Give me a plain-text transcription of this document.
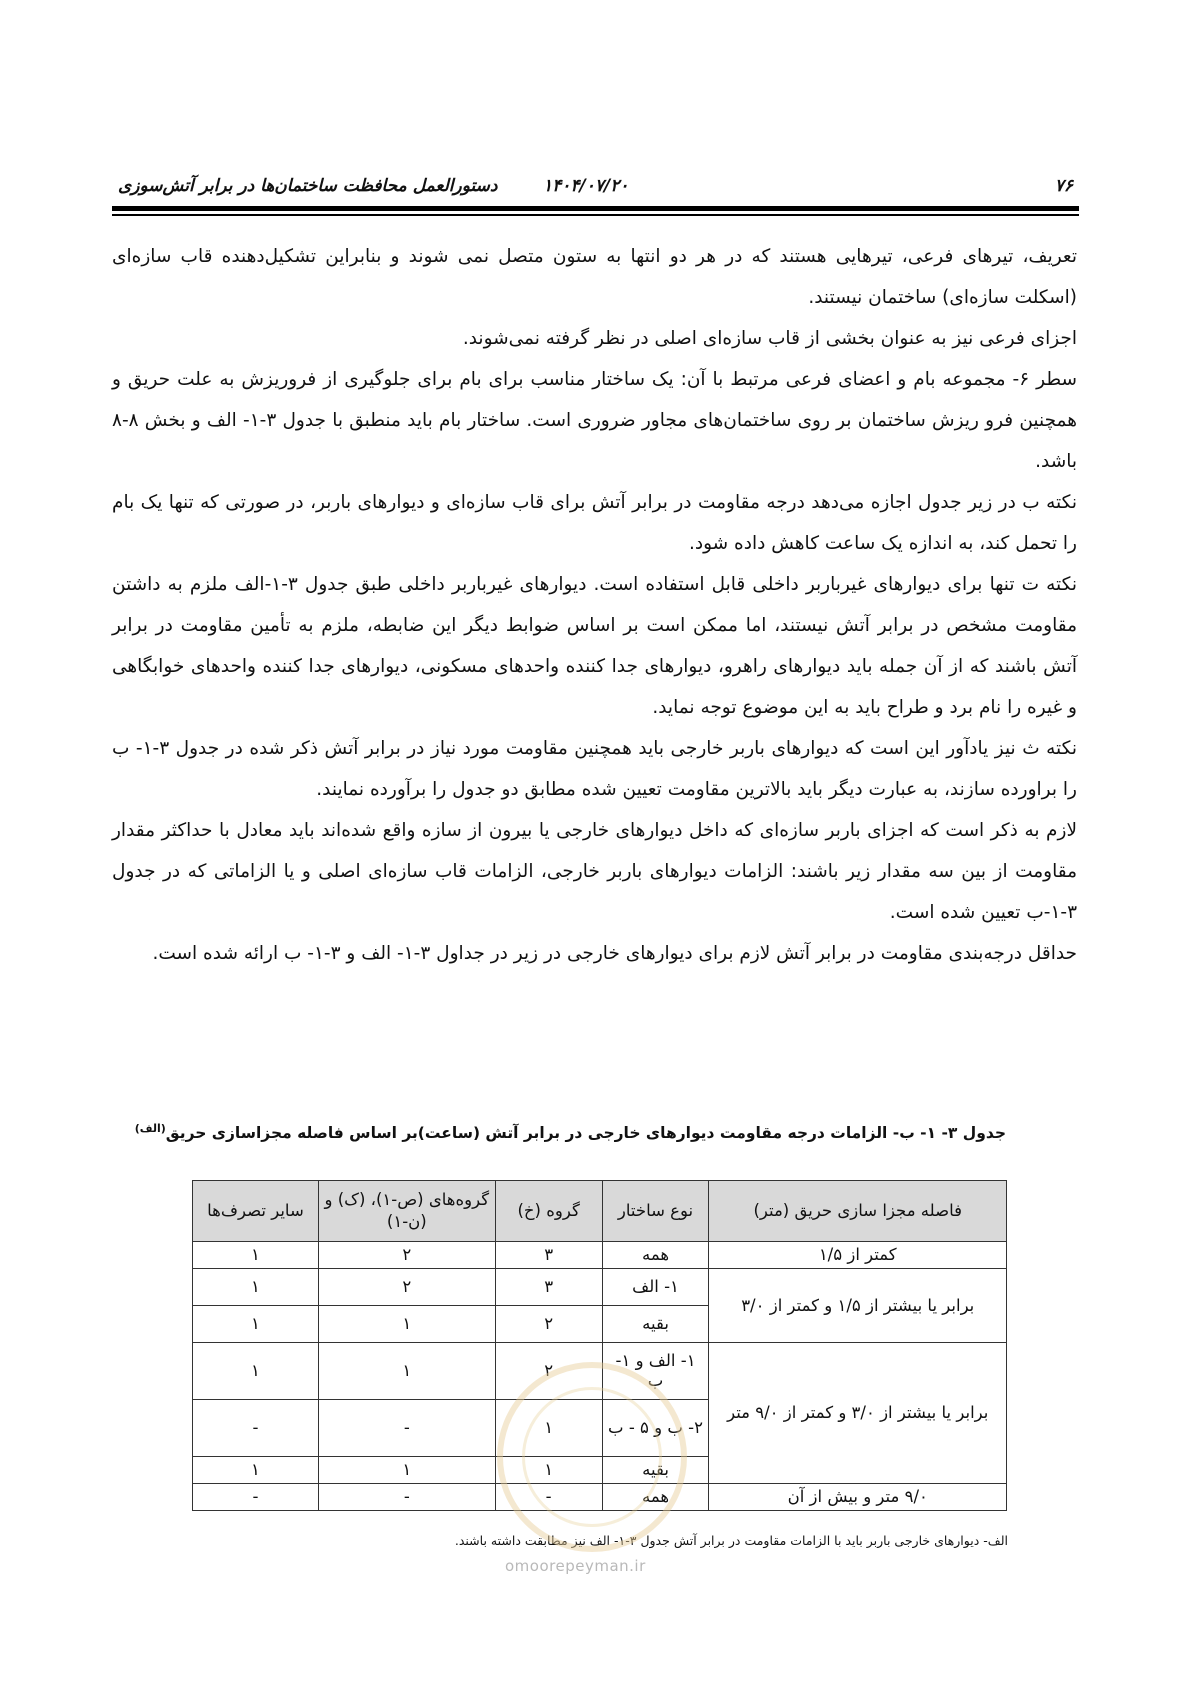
۷۶
۱۴۰۴/۰۷/۲۰
دستورالعمل محافظت ساختمان‌ها در برابر آتش‌سوزی

تعریف، تیرهای فرعی، تیرهایی هستند که در هر دو انتها به ستون متصل نمی شوند و بنابراین تشکیل‌دهنده قاب سازه‌ای (اسکلت سازه‌ای) ساختمان نیستند.

اجزای فرعی نیز به عنوان بخشی از قاب سازه‌ای اصلی در نظر گرفته نمی‌شوند.

سطر ۶- مجموعه بام و اعضای فرعی مرتبط با آن: یک ساختار مناسب برای بام برای جلوگیری از فروریزش به علت حریق و همچنین فرو ریزش ساختمان بر روی ساختمان‌های مجاور ضروری است. ساختار بام باید منطبق با جدول ۳-۱- الف و بخش ۸-۸ باشد.

نکته ب در زیر جدول اجازه می‌دهد درجه مقاومت در برابر آتش برای قاب سازه‌ای و دیوارهای باربر، در صورتی که تنها یک بام را تحمل کند، به اندازه یک ساعت کاهش داده شود.

نکته ت تنها برای دیوارهای غیرباربر داخلی قابل استفاده است. دیوارهای غیرباربر داخلی طبق جدول ۳-۱-الف ملزم به داشتن مقاومت مشخص در برابر آتش نیستند، اما ممکن است بر اساس ضوابط دیگر این ضابطه، ملزم به تأمین مقاومت در برابر آتش باشند که از آن جمله باید دیوارهای راهرو، دیوارهای جدا کننده واحدهای مسکونی، دیوارهای جدا کننده واحدهای خوابگاهی و غیره را نام برد و طراح باید به این موضوع توجه نماید.

نکته ث نیز یادآور این است که دیوارهای باربر خارجی باید همچنین مقاومت مورد نیاز در برابر آتش ذکر شده در جدول ۳-۱- ب را براورده سازند، به عبارت دیگر باید بالاترین مقاومت تعیین شده مطابق دو جدول را برآورده نمایند.

لازم به ذکر است که اجزای باربر سازه‌ای که داخل دیوارهای خارجی یا بیرون از سازه واقع شده‌اند باید معادل با حداکثر مقدار مقاومت از بین سه مقدار زیر باشند: الزامات دیوارهای باربر خارجی، الزامات قاب سازه‌ای اصلی و یا الزاماتی که در جدول ۳-۱-ب تعیین شده است.

حداقل درجه‌بندی مقاومت در برابر آتش لازم برای دیوارهای خارجی در زیر در جداول ۳-۱- الف و ۳-۱- ب ارائه شده است.

جدول ۳- ۱- ب- الزامات درجه مقاومت دیوارهای خارجی در برابر آتش (ساعت)بر اساس فاصله مجزاسازی حریق$^{(الف)}$
فاصله مجزا سازی حریق (متر)	نوع ساختار	گروه (خ)	گروه‌های (ص-۱)، (ک) و (ن-۱)	سایر تصرف‌ها
کمتر از ۱/۵	همه	۳	۲	۱
برابر یا بیشتر از ۱/۵ و کمتر از ۳/۰	۱- الف	۳	۲	۱
	بقیه	۲	۱	۱
برابر یا بیشتر از ۳/۰ و کمتر از ۹/۰ متر	۱- الف و ۱- ب	۲	۱	۱
	۲- ب و ۵ - ب	۱	-	-
	بقیه	۱	۱	۱
۹/۰ متر و بیش از آن	همه	-	-	-
الف- دیوارهای خارجی باربر باید با الزامات مقاومت در برابر آتش جدول ۳-۱- الف نیز مطابقت داشته باشند.
omoorepeyman.ir
